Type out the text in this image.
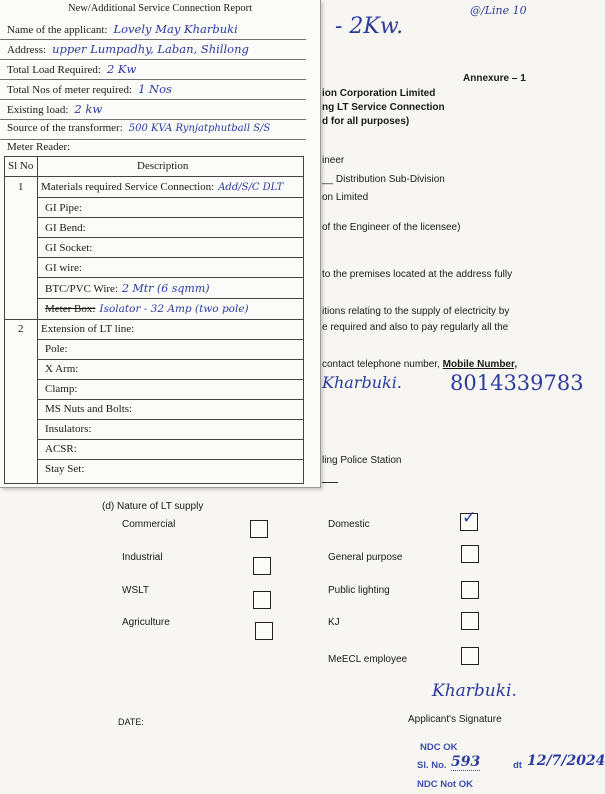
- 2Kw.
@/Line 10
Annexure – 1
ion Corporation Limited
ng LT Service Connection
d for all purposes)
ineer
__ Distribution Sub-Division
on Limited
of the Engineer of the licensee)
to the premises located at the address fully
itions relating to the supply of electricity by
e required and also to pay regularly all the
contact telephone number, Mobile Number,
Kharbuki. 8014339783
ling Police Station
(d) Nature of LT supply
Commercial
Industrial
WSLT
Agriculture
Domestic	✓
General purpose
Public lighting
KJ
MeECL employee
DATE:
Kharbuki.
Applicant's Signature
NDC OK
Sl. No. 593	dt 12/7/2024
NDC Not OK
New/Additional Service Connection Report
Name of the applicant: Lovely May Kharbuki
Address: upper Lumpadhy, Laban, Shillong
Total Load Required: 2 Kw
Total Nos of meter required: 1 Nos
Existing load: 2 kw
Source of the transformer: 500 KVA Rynjatphutball S/S
Meter Reader:
Sl No	Description
1 Materials required Service Connection: Add/S/C DLT
GI Pipe:
GI Bend:
GI Socket:
GI wire:
BTC/PVC Wire: 2 Mtr (6 sqmm)
Meter Box: Isolator - 32 Amp (two pole)
2 Extension of LT line:
Pole:
X Arm:
Clamp:
MS Nuts and Bolts:
Insulators:
ACSR:
Stay Set:
